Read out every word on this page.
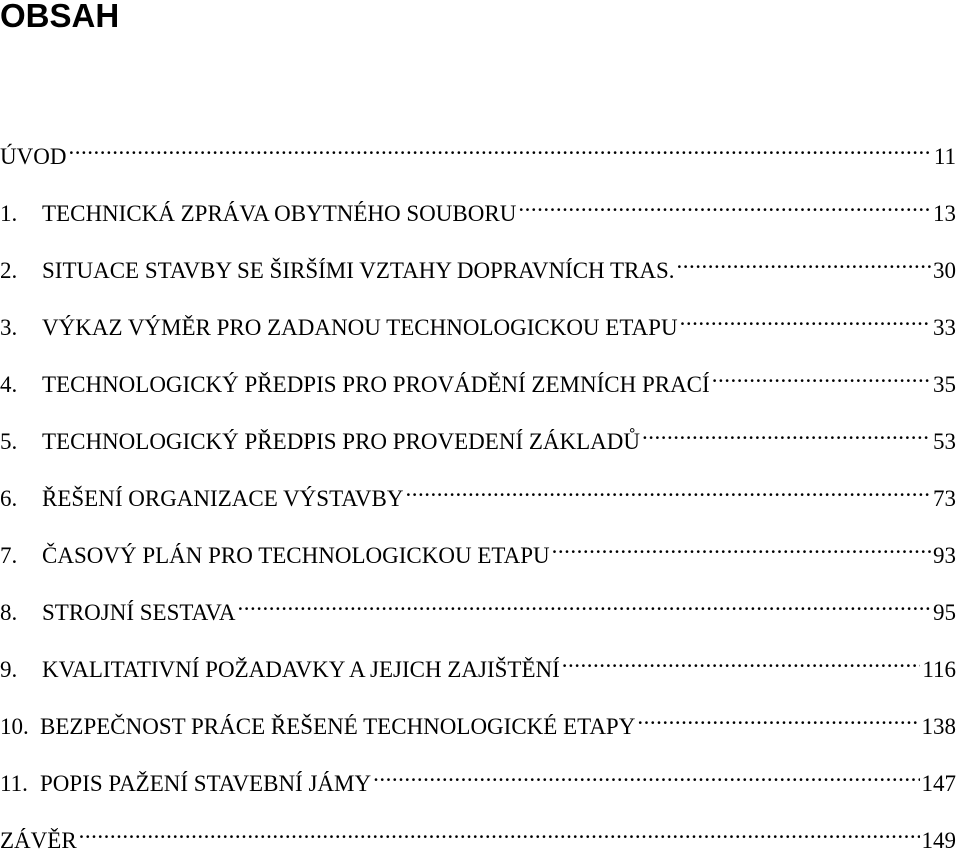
OBSAH
ÚVOD .....	11
1.	TECHNICKÁ ZPRÁVA OBYTNÉHO SOUBORU .....	13
2.	SITUACE STAVBY SE ŠIRŠÍMI VZTAHY DOPRAVNÍCH TRAS. .....	30
3.	VÝKAZ VÝMĚR PRO ZADANOU TECHNOLOGICKOU ETAPU .....	33
4.	TECHNOLOGICKÝ PŘEDPIS PRO PROVÁDĚNÍ ZEMNÍCH PRACÍ .....	35
5.	TECHNOLOGICKÝ PŘEDPIS PRO PROVEDENÍ ZÁKLADŮ .....	53
6.	ŘEŠENÍ ORGANIZACE VÝSTAVBY .....	73
7.	ČASOVÝ PLÁN PRO TECHNOLOGICKOU ETAPU .....	93
8.	STROJNÍ SESTAVA .....	95
9.	KVALITATIVNÍ POŽADAVKY A JEJICH ZAJIŠTĚNÍ .....	116
10. BEZPEČNOST PRÁCE ŘEŠENÉ TECHNOLOGICKÉ ETAPY .....	138
11. POPIS PAŽENÍ STAVEBNÍ JÁMY .....	147
ZÁVĚR .....	149
